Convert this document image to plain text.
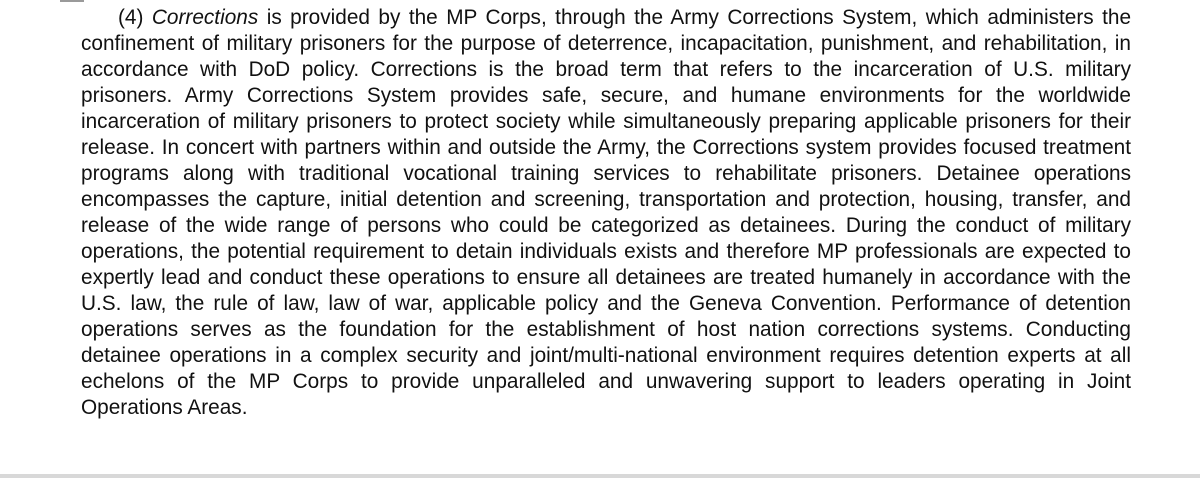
(4) Corrections is provided by the MP Corps, through the Army Corrections System, which administers the confinement of military prisoners for the purpose of deterrence, incapacitation, punishment, and rehabilitation, in accordance with DoD policy. Corrections is the broad term that refers to the incarceration of U.S. military prisoners. Army Corrections System provides safe, secure, and humane environments for the worldwide incarceration of military prisoners to protect society while simultaneously preparing applicable prisoners for their release. In concert with partners within and outside the Army, the Corrections system provides focused treatment programs along with traditional vocational training services to rehabilitate prisoners. Detainee operations encompasses the capture, initial detention and screening, transportation and protection, housing, transfer, and release of the wide range of persons who could be categorized as detainees. During the conduct of military operations, the potential requirement to detain individuals exists and therefore MP professionals are expected to expertly lead and conduct these operations to ensure all detainees are treated humanely in accordance with the U.S. law, the rule of law, law of war, applicable policy and the Geneva Convention. Performance of detention operations serves as the foundation for the establishment of host nation corrections systems. Conducting detainee operations in a complex security and joint/multi-national environment requires detention experts at all echelons of the MP Corps to provide unparalleled and unwavering support to leaders operating in Joint Operations Areas.
